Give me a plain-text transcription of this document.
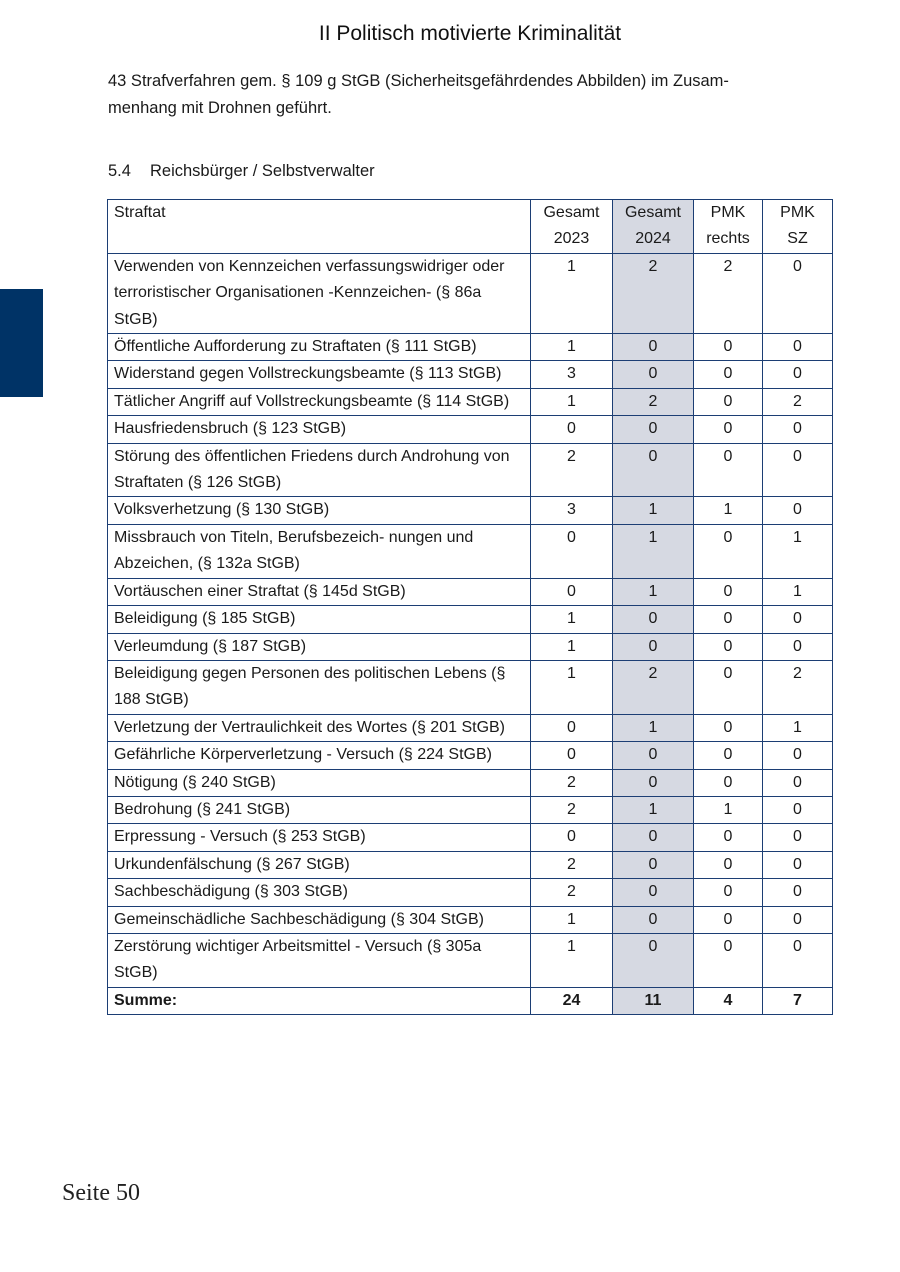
II Politisch motivierte Kriminalität

43 Strafverfahren gem. § 109 g StGB (Sicherheitsgefährdendes Abbilden) im Zusam-

menhang mit Drohnen geführt.

5.4 Reichsbürger / Selbstverwalter
Straftat	Gesamt 2023	Gesamt 2024	PMK rechts	PMK SZ
Verwenden von Kennzeichen verfassungswidriger oder terroristischer Organisationen -Kennzeichen- (§ 86a StGB)	1	2	2	0
Öffentliche Aufforderung zu Straftaten (§ 111 StGB)	1	0	0	0
Widerstand gegen Vollstreckungsbeamte (§ 113 StGB)	3	0	0	0
Tätlicher Angriff auf Vollstreckungsbeamte (§ 114 StGB)	1	2	0	2
Hausfriedensbruch (§ 123 StGB)	0	0	0	0
Störung des öffentlichen Friedens durch Androhung von Straftaten (§ 126 StGB)	2	0	0	0
Volksverhetzung (§ 130 StGB)	3	1	1	0
Missbrauch von Titeln, Berufsbezeich- nungen und Abzeichen, (§ 132a StGB)	0	1	0	1
Vortäuschen einer Straftat (§ 145d StGB)	0	1	0	1
Beleidigung (§ 185 StGB)	1	0	0	0
Verleumdung (§ 187 StGB)	1	0	0	0
Beleidigung gegen Personen des politischen Lebens (§ 188 StGB)	1	2	0	2
Verletzung der Vertraulichkeit des Wortes (§ 201 StGB)	0	1	0	1
Gefährliche Körperverletzung - Versuch (§ 224 StGB)	0	0	0	0
Nötigung (§ 240 StGB)	2	0	0	0
Bedrohung (§ 241 StGB)	2	1	1	0
Erpressung - Versuch (§ 253 StGB)	0	0	0	0
Urkundenfälschung (§ 267 StGB)	2	0	0	0
Sachbeschädigung (§ 303 StGB)	2	0	0	0
Gemeinschädliche Sachbeschädigung (§ 304 StGB)	1	0	0	0
Zerstörung wichtiger Arbeitsmittel - Versuch (§ 305a StGB)	1	0	0	0
Summe:	24	11	4	7
Seite 50
